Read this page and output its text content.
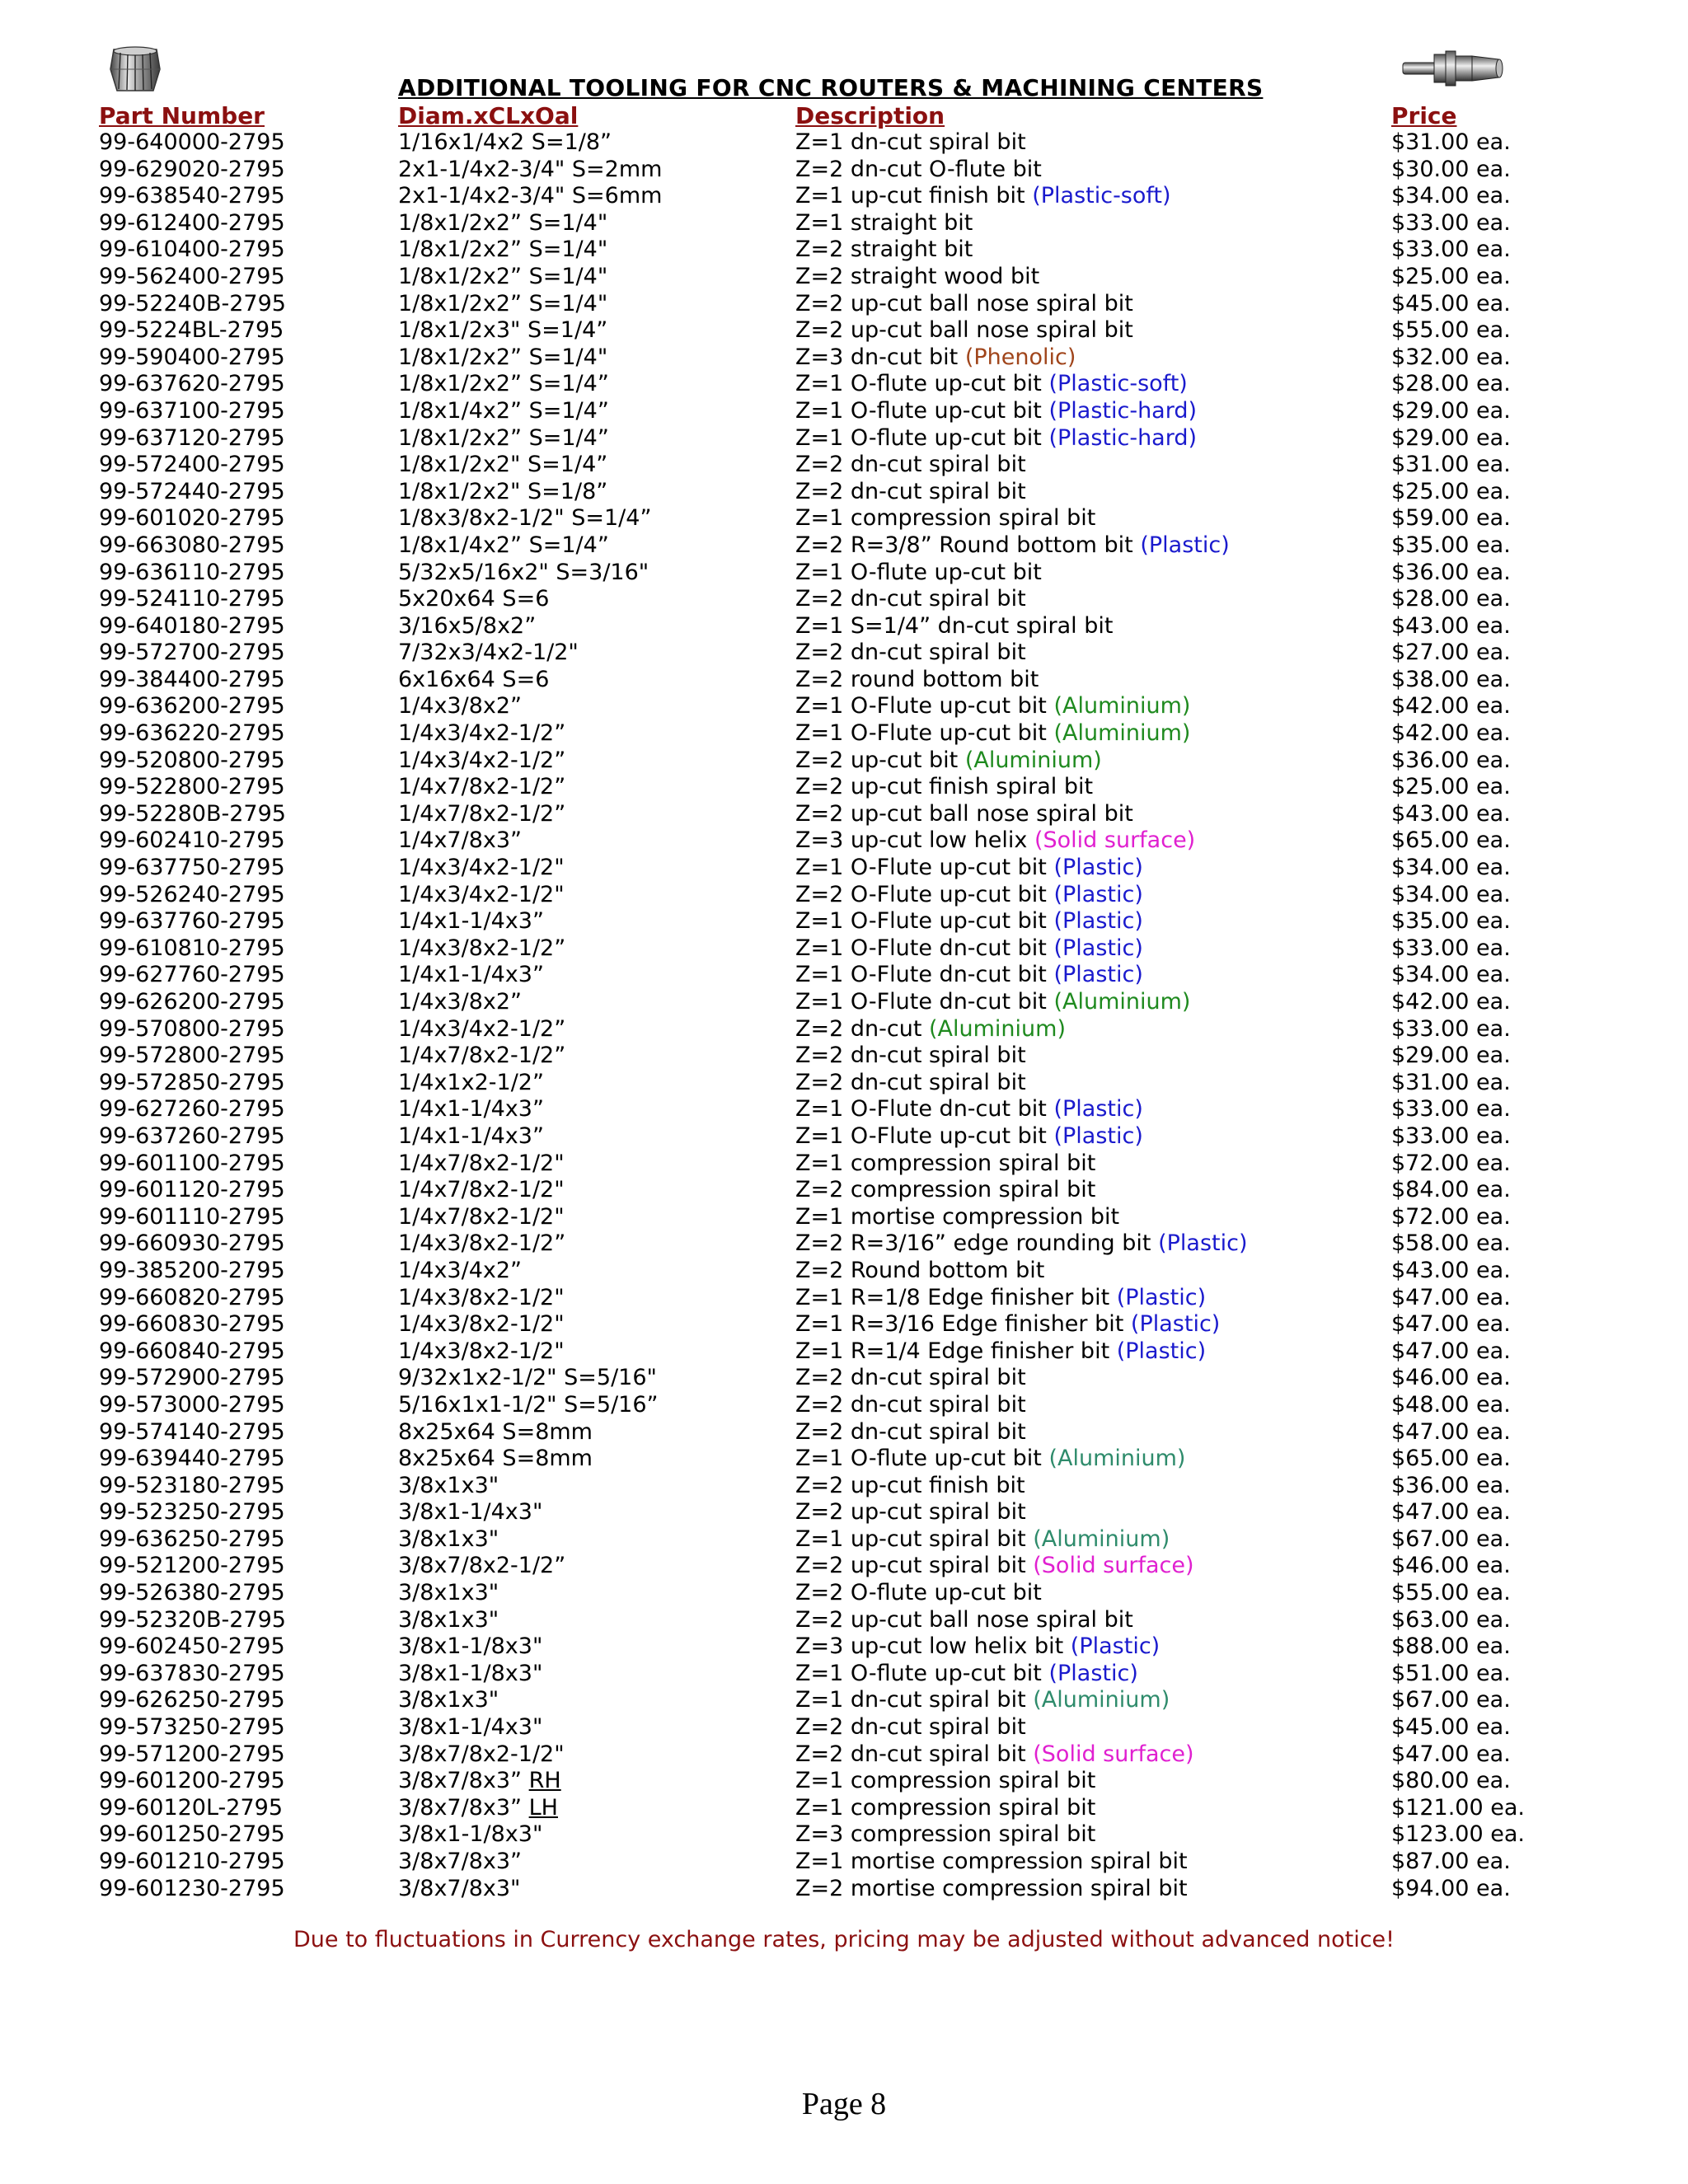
ADDITIONAL TOOLING FOR CNC ROUTERS & MACHINING CENTERS
Part Number	Diam.xCLxOal	Description	Price
99-640000-2795	1/16x1/4x2 S=1/8”	Z=1 dn-cut spiral bit	$31.00 ea.
99-629020-2795	2x1-1/4x2-3/4" S=2mm	Z=2 dn-cut O-flute bit	$30.00 ea.
99-638540-2795	2x1-1/4x2-3/4" S=6mm	Z=1 up-cut finish bit (Plastic-soft)	$34.00 ea.
99-612400-2795	1/8x1/2x2” S=1/4"	Z=1 straight bit	$33.00 ea.
99-610400-2795	1/8x1/2x2” S=1/4"	Z=2 straight bit	$33.00 ea.
99-562400-2795	1/8x1/2x2” S=1/4"	Z=2 straight wood bit	$25.00 ea.
99-52240B-2795	1/8x1/2x2” S=1/4"	Z=2 up-cut ball nose spiral bit	$45.00 ea.
99-5224BL-2795	1/8x1/2x3" S=1/4”	Z=2 up-cut ball nose spiral bit	$55.00 ea.
99-590400-2795	1/8x1/2x2” S=1/4"	Z=3 dn-cut bit (Phenolic)	$32.00 ea.
99-637620-2795	1/8x1/2x2” S=1/4”	Z=1 O-flute up-cut bit (Plastic-soft)	$28.00 ea.
99-637100-2795	1/8x1/4x2” S=1/4”	Z=1 O-flute up-cut bit (Plastic-hard)	$29.00 ea.
99-637120-2795	1/8x1/2x2” S=1/4”	Z=1 O-flute up-cut bit (Plastic-hard)	$29.00 ea.
99-572400-2795	1/8x1/2x2" S=1/4”	Z=2 dn-cut spiral bit	$31.00 ea.
99-572440-2795	1/8x1/2x2" S=1/8”	Z=2 dn-cut spiral bit	$25.00 ea.
99-601020-2795	1/8x3/8x2-1/2" S=1/4”	Z=1 compression spiral bit	$59.00 ea.
99-663080-2795	1/8x1/4x2” S=1/4”	Z=2 R=3/8” Round bottom bit (Plastic)	$35.00 ea.
99-636110-2795	5/32x5/16x2" S=3/16"	Z=1 O-flute up-cut bit	$36.00 ea.
99-524110-2795	5x20x64 S=6	Z=2 dn-cut spiral bit	$28.00 ea.
99-640180-2795	3/16x5/8x2”	Z=1 S=1/4” dn-cut spiral bit	$43.00 ea.
99-572700-2795	7/32x3/4x2-1/2"	Z=2 dn-cut spiral bit	$27.00 ea.
99-384400-2795	6x16x64 S=6	Z=2 round bottom bit	$38.00 ea.
99-636200-2795	1/4x3/8x2”	Z=1 O-Flute up-cut bit (Aluminium)	$42.00 ea.
99-636220-2795	1/4x3/4x2-1/2”	Z=1 O-Flute up-cut bit (Aluminium)	$42.00 ea.
99-520800-2795	1/4x3/4x2-1/2”	Z=2 up-cut bit (Aluminium)	$36.00 ea.
99-522800-2795	1/4x7/8x2-1/2”	Z=2 up-cut finish spiral bit	$25.00 ea.
99-52280B-2795	1/4x7/8x2-1/2”	Z=2 up-cut ball nose spiral bit	$43.00 ea.
99-602410-2795	1/4x7/8x3”	Z=3 up-cut low helix (Solid surface)	$65.00 ea.
99-637750-2795	1/4x3/4x2-1/2"	Z=1 O-Flute up-cut bit (Plastic)	$34.00 ea.
99-526240-2795	1/4x3/4x2-1/2"	Z=2 O-Flute up-cut bit (Plastic)	$34.00 ea.
99-637760-2795	1/4x1-1/4x3”	Z=1 O-Flute up-cut bit (Plastic)	$35.00 ea.
99-610810-2795	1/4x3/8x2-1/2”	Z=1 O-Flute dn-cut bit (Plastic)	$33.00 ea.
99-627760-2795	1/4x1-1/4x3”	Z=1 O-Flute dn-cut bit (Plastic)	$34.00 ea.
99-626200-2795	1/4x3/8x2”	Z=1 O-Flute dn-cut bit (Aluminium)	$42.00 ea.
99-570800-2795	1/4x3/4x2-1/2”	Z=2 dn-cut (Aluminium)	$33.00 ea.
99-572800-2795	1/4x7/8x2-1/2”	Z=2 dn-cut spiral bit	$29.00 ea.
99-572850-2795	1/4x1x2-1/2”	Z=2 dn-cut spiral bit	$31.00 ea.
99-627260-2795	1/4x1-1/4x3”	Z=1 O-Flute dn-cut bit (Plastic)	$33.00 ea.
99-637260-2795	1/4x1-1/4x3”	Z=1 O-Flute up-cut bit (Plastic)	$33.00 ea.
99-601100-2795	1/4x7/8x2-1/2"	Z=1 compression spiral bit	$72.00 ea.
99-601120-2795	1/4x7/8x2-1/2"	Z=2 compression spiral bit	$84.00 ea.
99-601110-2795	1/4x7/8x2-1/2"	Z=1 mortise compression bit	$72.00 ea.
99-660930-2795	1/4x3/8x2-1/2”	Z=2 R=3/16” edge rounding bit (Plastic)	$58.00 ea.
99-385200-2795	1/4x3/4x2”	Z=2 Round bottom bit	$43.00 ea.
99-660820-2795	1/4x3/8x2-1/2"	Z=1 R=1/8 Edge finisher bit (Plastic)	$47.00 ea.
99-660830-2795	1/4x3/8x2-1/2"	Z=1 R=3/16 Edge finisher bit (Plastic)	$47.00 ea.
99-660840-2795	1/4x3/8x2-1/2"	Z=1 R=1/4 Edge finisher bit (Plastic)	$47.00 ea.
99-572900-2795	9/32x1x2-1/2" S=5/16"	Z=2 dn-cut spiral bit	$46.00 ea.
99-573000-2795	5/16x1x1-1/2" S=5/16”	Z=2 dn-cut spiral bit	$48.00 ea.
99-574140-2795	8x25x64 S=8mm	Z=2 dn-cut spiral bit	$47.00 ea.
99-639440-2795	8x25x64 S=8mm	Z=1 O-flute up-cut bit (Aluminium)	$65.00 ea.
99-523180-2795	3/8x1x3"	Z=2 up-cut finish bit	$36.00 ea.
99-523250-2795	3/8x1-1/4x3"	Z=2 up-cut spiral bit	$47.00 ea.
99-636250-2795	3/8x1x3"	Z=1 up-cut spiral bit (Aluminium)	$67.00 ea.
99-521200-2795	3/8x7/8x2-1/2”	Z=2 up-cut spiral bit (Solid surface)	$46.00 ea.
99-526380-2795	3/8x1x3"	Z=2 O-flute up-cut bit	$55.00 ea.
99-52320B-2795	3/8x1x3"	Z=2 up-cut ball nose spiral bit	$63.00 ea.
99-602450-2795	3/8x1-1/8x3"	Z=3 up-cut low helix bit (Plastic)	$88.00 ea.
99-637830-2795	3/8x1-1/8x3"	Z=1 O-flute up-cut bit (Plastic)	$51.00 ea.
99-626250-2795	3/8x1x3"	Z=1 dn-cut spiral bit (Aluminium)	$67.00 ea.
99-573250-2795	3/8x1-1/4x3"	Z=2 dn-cut spiral bit	$45.00 ea.
99-571200-2795	3/8x7/8x2-1/2"	Z=2 dn-cut spiral bit (Solid surface)	$47.00 ea.
99-601200-2795	3/8x7/8x3” RH	Z=1 compression spiral bit	$80.00 ea.
99-60120L-2795	3/8x7/8x3” LH	Z=1 compression spiral bit	$121.00 ea.
99-601250-2795	3/8x1-1/8x3"	Z=3 compression spiral bit	$123.00 ea.
99-601210-2795	3/8x7/8x3”	Z=1 mortise compression spiral bit	$87.00 ea.
99-601230-2795	3/8x7/8x3"	Z=2 mortise compression spiral bit	$94.00 ea.
Due to fluctuations in Currency exchange rates, pricing may be adjusted without advanced notice!
Page 8
